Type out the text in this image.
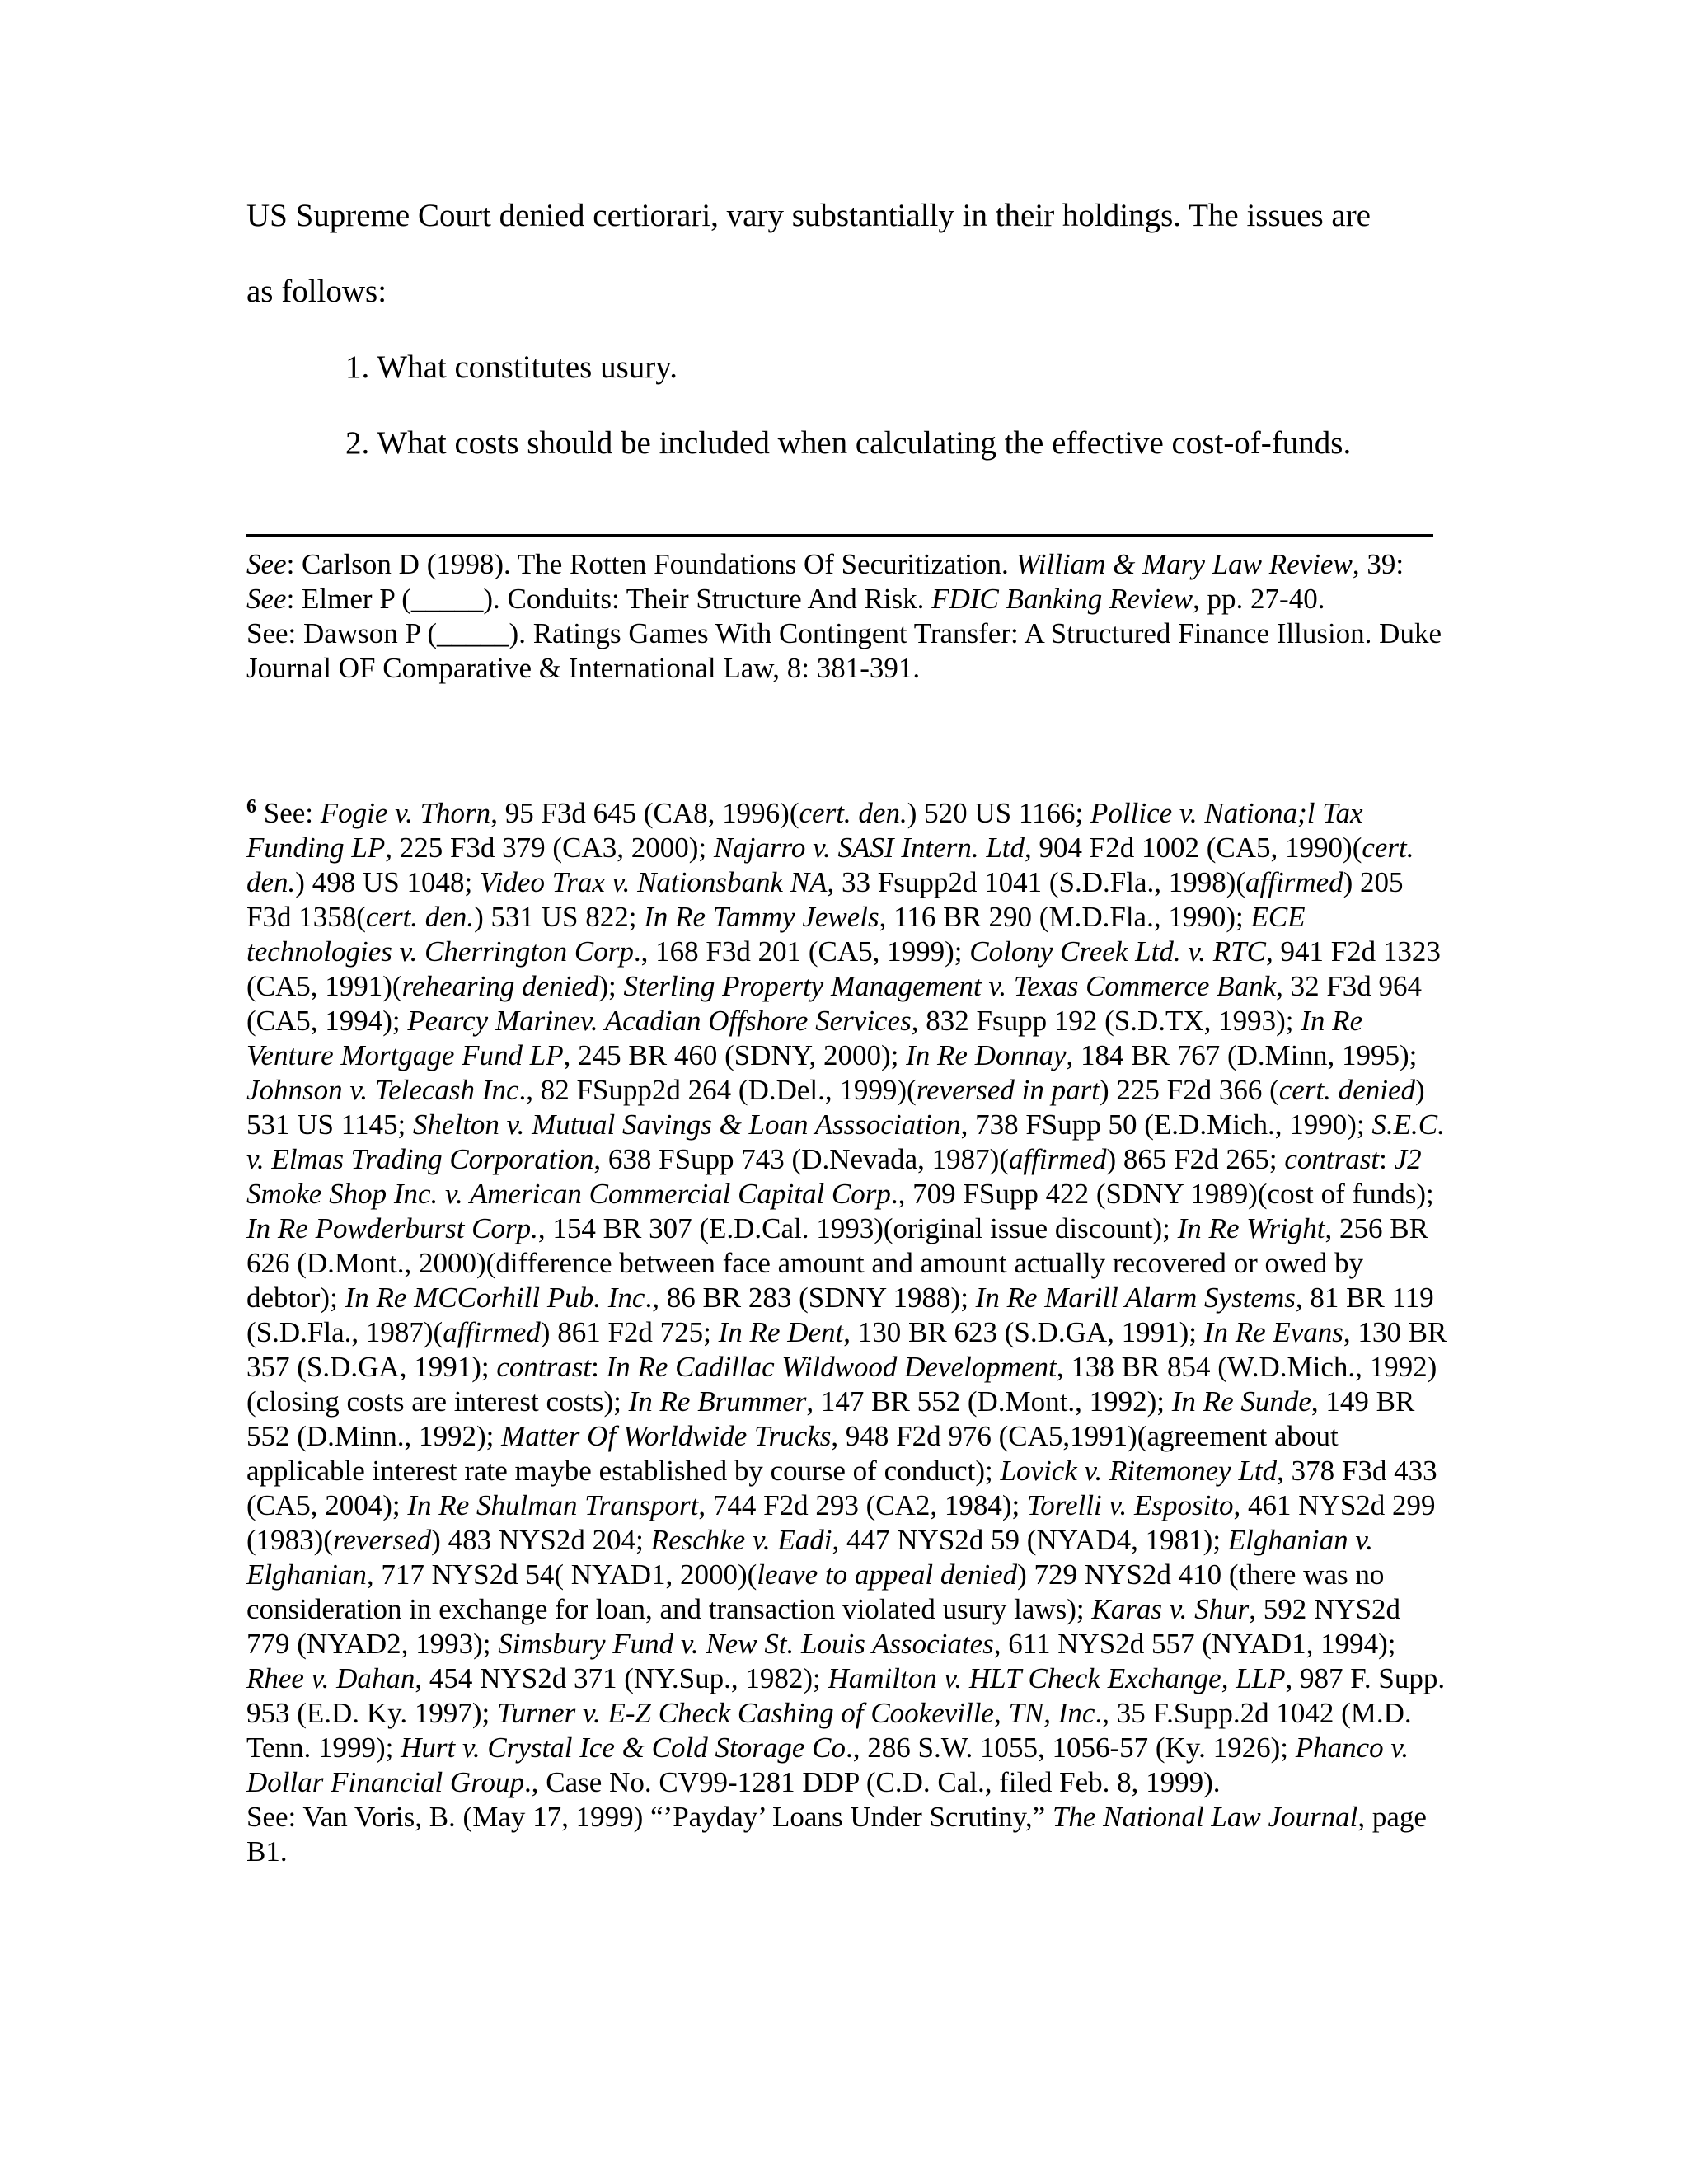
US Supreme Court denied certiorari, vary substantially in their holdings. The issues are
as follows:
1. What constitutes usury.
2. What costs should be included when calculating the effective cost-of-funds.

See: Carlson D (1998). The Rotten Foundations Of Securitization. William & Mary Law Review, 39:

See: Elmer P (_____). Conduits: Their Structure And Risk. FDIC Banking Review, pp. 27-40.

See: Dawson P (_____). Ratings Games With Contingent Transfer: A Structured Finance Illusion. Duke Journal OF Comparative & International Law, 8: 381-391.

$^6$ See: Fogie v. Thorn, 95 F3d 645 (CA8, 1996)(cert. den.) 520 US 1166; Pollice v. Nationa;l Tax Funding LP, 225 F3d 379 (CA3, 2000); Najarro v. SASI Intern. Ltd, 904 F2d 1002 (CA5, 1990)(cert. den.) 498 US 1048; Video Trax v. Nationsbank NA, 33 Fsupp2d 1041 (S.D.Fla., 1998)(affirmed) 205 F3d 1358(cert. den.) 531 US 822; In Re Tammy Jewels, 116 BR 290 (M.D.Fla., 1990); ECE technologies v. Cherrington Corp., 168 F3d 201 (CA5, 1999); Colony Creek Ltd. v. RTC, 941 F2d 1323 (CA5, 1991)(rehearing denied); Sterling Property Management v. Texas Commerce Bank, 32 F3d 964 (CA5, 1994); Pearcy Marinev. Acadian Offshore Services, 832 Fsupp 192 (S.D.TX, 1993); In Re Venture Mortgage Fund LP, 245 BR 460 (SDNY, 2000); In Re Donnay, 184 BR 767 (D.Minn, 1995); Johnson v. Telecash Inc., 82 FSupp2d 264 (D.Del., 1999)(reversed in part) 225 F2d 366 (cert. denied) 531 US 1145; Shelton v. Mutual Savings & Loan Asssociation, 738 FSupp 50 (E.D.Mich., 1990); S.E.C. v. Elmas Trading Corporation, 638 FSupp 743 (D.Nevada, 1987)(affirmed) 865 F2d 265; contrast: J2 Smoke Shop Inc. v. American Commercial Capital Corp., 709 FSupp 422 (SDNY 1989)(cost of funds); In Re Powderburst Corp., 154 BR 307 (E.D.Cal. 1993)(original issue discount); In Re Wright, 256 BR 626 (D.Mont., 2000)(difference between face amount and amount actually recovered or owed by debtor); In Re MCCorhill Pub. Inc., 86 BR 283 (SDNY 1988); In Re Marill Alarm Systems, 81 BR 119 (S.D.Fla., 1987)(affirmed) 861 F2d 725; In Re Dent, 130 BR 623 (S.D.GA, 1991); In Re Evans, 130 BR 357 (S.D.GA, 1991); contrast: In Re Cadillac Wildwood Development, 138 BR 854 (W.D.Mich., 1992)(closing costs are interest costs); In Re Brummer, 147 BR 552 (D.Mont., 1992); In Re Sunde, 149 BR 552 (D.Minn., 1992); Matter Of Worldwide Trucks, 948 F2d 976 (CA5,1991)(agreement about applicable interest rate maybe established by course of conduct); Lovick v. Ritemoney Ltd, 378 F3d 433 (CA5, 2004); In Re Shulman Transport, 744 F2d 293 (CA2, 1984); Torelli v. Esposito, 461 NYS2d 299 (1983)(reversed) 483 NYS2d 204; Reschke v. Eadi, 447 NYS2d 59 (NYAD4, 1981); Elghanian v. Elghanian, 717 NYS2d 54( NYAD1, 2000)(leave to appeal denied) 729 NYS2d 410 (there was no consideration in exchange for loan, and transaction violated usury laws); Karas v. Shur, 592 NYS2d 779 (NYAD2, 1993); Simsbury Fund v. New St. Louis Associates, 611 NYS2d 557 (NYAD1, 1994); Rhee v. Dahan, 454 NYS2d 371 (NY.Sup., 1982); Hamilton v. HLT Check Exchange, LLP, 987 F. Supp. 953 (E.D. Ky. 1997); Turner v. E-Z Check Cashing of Cookeville, TN, Inc., 35 F.Supp.2d 1042 (M.D. Tenn. 1999); Hurt v. Crystal Ice & Cold Storage Co., 286 S.W. 1055, 1056-57 (Ky. 1926); Phanco v. Dollar Financial Group., Case No. CV99-1281 DDP (C.D. Cal., filed Feb. 8, 1999).

See: Van Voris, B. (May 17, 1999) “’Payday’ Loans Under Scrutiny,” The National Law Journal, page B1.
